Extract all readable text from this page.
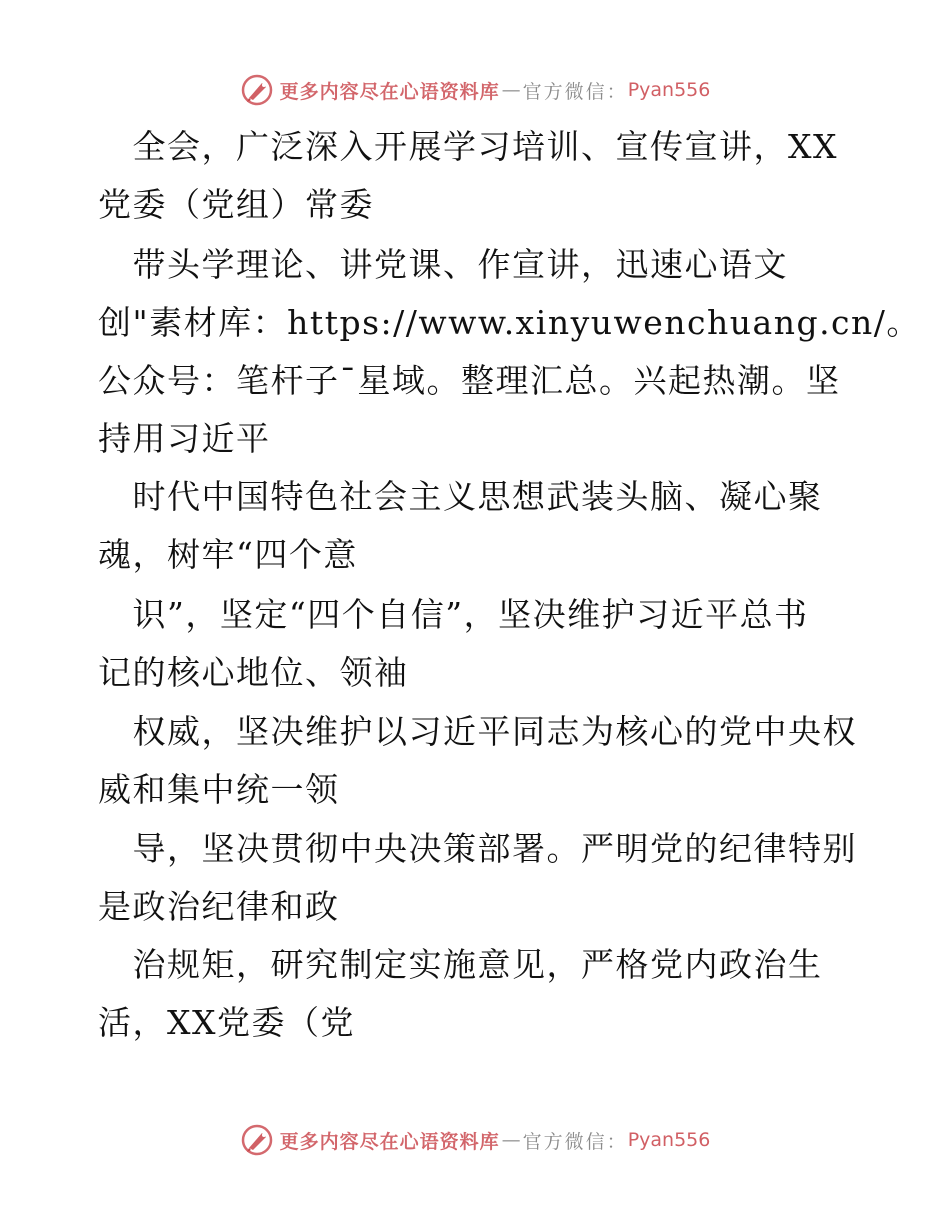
更多内容尽在心语资料库 — 官方微信： Pyan556
　全会，广泛深入开展学习培训、宣传宣讲，XX
党委（党组）常委
　带头学理论、讲党课、作宣讲，迅速心语文
创"素材库：https://www.xinyuwenchuang.cn/。
公众号：笔杆子¯星域。整理汇总。兴起热潮。坚
持用习近平
　时代中国特色社会主义思想武装头脑、凝心聚
魂，树牢“四个意
　识”，坚定“四个自信”，坚决维护习近平总书
记的核心地位、领袖
　权威，坚决维护以习近平同志为核心的党中央权
威和集中统一领
　导，坚决贯彻中央决策部署。严明党的纪律特别
是政治纪律和政
　治规矩，研究制定实施意见，严格党内政治生
活，XX党委（党
更多内容尽在心语资料库 — 官方微信： Pyan556
